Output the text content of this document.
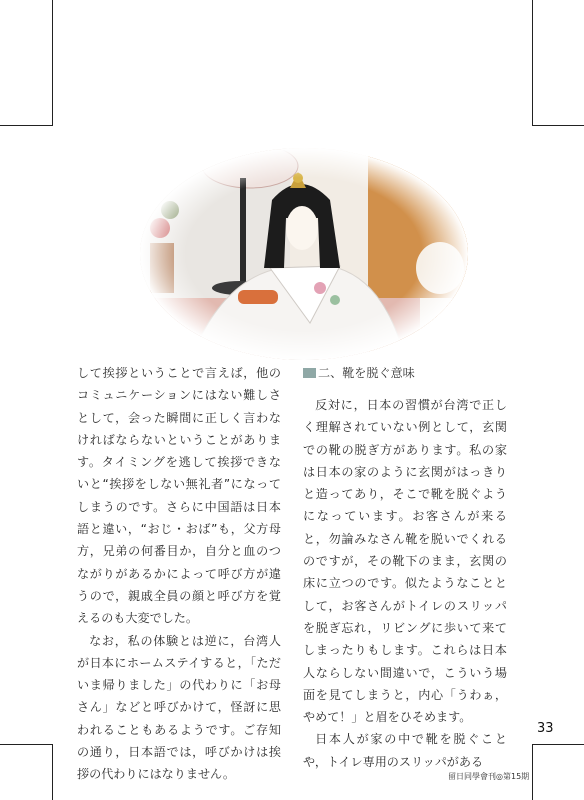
して挨拶ということで言えば，他のコミュニケーションにはない難しさとして，会った瞬間に正しく言わなければならないということがあります。タイミングを逃して挨拶できないと“挨拶をしない無礼者”になってしまうのです。さらに中国語は日本語と違い，“おじ・おば”も，父方母方，兄弟の何番目か，自分と血のつながりがあるかによって呼び方が違うので，親戚全員の顔と呼び方を覚えるのも大変でした。

なお，私の体験とは逆に，台湾人が日本にホームステイすると，「ただいま帰りました」の代わりに「お母さん」などと呼びかけて，怪訝に思われることもあるようです。ご存知の通り，日本語では，呼びかけは挨拶の代わりにはなりません。

二、靴を脱ぐ意味

反対に，日本の習慣が台湾で正しく理解されていない例として，玄関での靴の脱ぎ方があります。私の家は日本の家のように玄関がはっきりと造ってあり，そこで靴を脱ぐようになっています。お客さんが来ると，勿論みなさん靴を脱いでくれるのですが，その靴下のまま，玄関の床に立つのです。似たようなこととして，お客さんがトイレのスリッパを脱ぎ忘れ，リビングに歩いて来てしまったりもします。これらは日本人ならしない間違いで，こういう場面を見てしまうと，内心「うわぁ，やめて！」と眉をひそめます。

日本人が家の中で靴を脱ぐことや，トイレ専用のスリッパがある

33
留日同學會刊◎第15期
